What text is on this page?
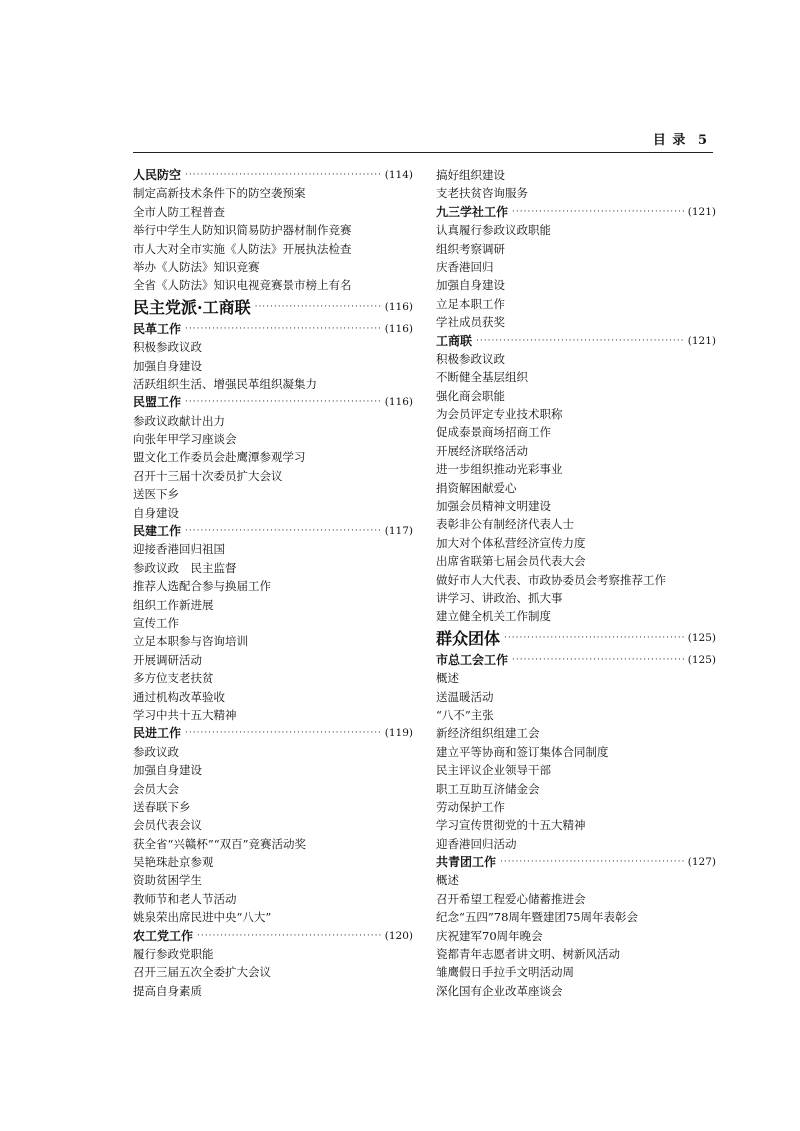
目 录 5
人民防空 ·····	(114)
制定高新技术条件下的防空袭预案
全市人防工程普查
举行中学生人防知识简易防护器材制作竞赛
市人大对全市实施《人防法》开展执法检查
举办《人防法》知识竞赛
全省《人防法》知识电视竞赛景市榜上有名
民主党派·工商联 ·····	(116)
民革工作 ·····	(116)
积极参政议政
加强自身建设
活跃组织生活、增强民革组织凝集力
民盟工作 ·····	(116)
参政议政献计出力
向张年甲学习座谈会
盟文化工作委员会赴鹰潭参观学习
召开十三届十次委员扩大会议
送医下乡
自身建设
民建工作 ·····	(117)
迎接香港回归祖国
参政议政　民主监督
推荐人选配合参与换届工作
组织工作新进展
宣传工作
立足本职参与咨询培训
开展调研活动
多方位支老扶贫
通过机构改革验收
学习中共十五大精神
民进工作 ·····	(119)
参政议政
加强自身建设
会员大会
送春联下乡
会员代表会议
获全省“兴赣杯”“双百”竞赛活动奖
吴艳珠赴京参观
资助贫困学生
教师节和老人节活动
姚泉荣出席民进中央“八大”
农工党工作 ·····	(120)
履行参政党职能
召开三届五次全委扩大会议
提高自身素质
搞好组织建设
支老扶贫咨询服务
九三学社工作 ·····	(121)
认真履行参政议政职能
组织考察调研
庆香港回归
加强自身建设
立足本职工作
学社成员获奖
工商联 ·····	(121)
积极参政议政
不断健全基层组织
强化商会职能
为会员评定专业技术职称
促成泰景商场招商工作
开展经济联络活动
进一步组织推动光彩事业
捐资解困献爱心
加强会员精神文明建设
表彰非公有制经济代表人士
加大对个体私营经济宣传力度
出席省联第七届会员代表大会
做好市人大代表、市政协委员会考察推荐工作
讲学习、讲政治、抓大事
建立健全机关工作制度
群众团体 ·····	(125)
市总工会工作 ·····	(125)
概述
送温暖活动
“八不”主张
新经济组织组建工会
建立平等协商和签订集体合同制度
民主评议企业领导干部
职工互助互济储金会
劳动保护工作
学习宣传贯彻党的十五大精神
迎香港回归活动
共青团工作 ·····	(127)
概述
召开希望工程爱心储蓄推进会
纪念“五四”78周年暨建团75周年表彰会
庆祝建军70周年晚会
瓷都青年志愿者讲文明、树新风活动
雏鹰假日手拉手文明活动周
深化国有企业改革座谈会
